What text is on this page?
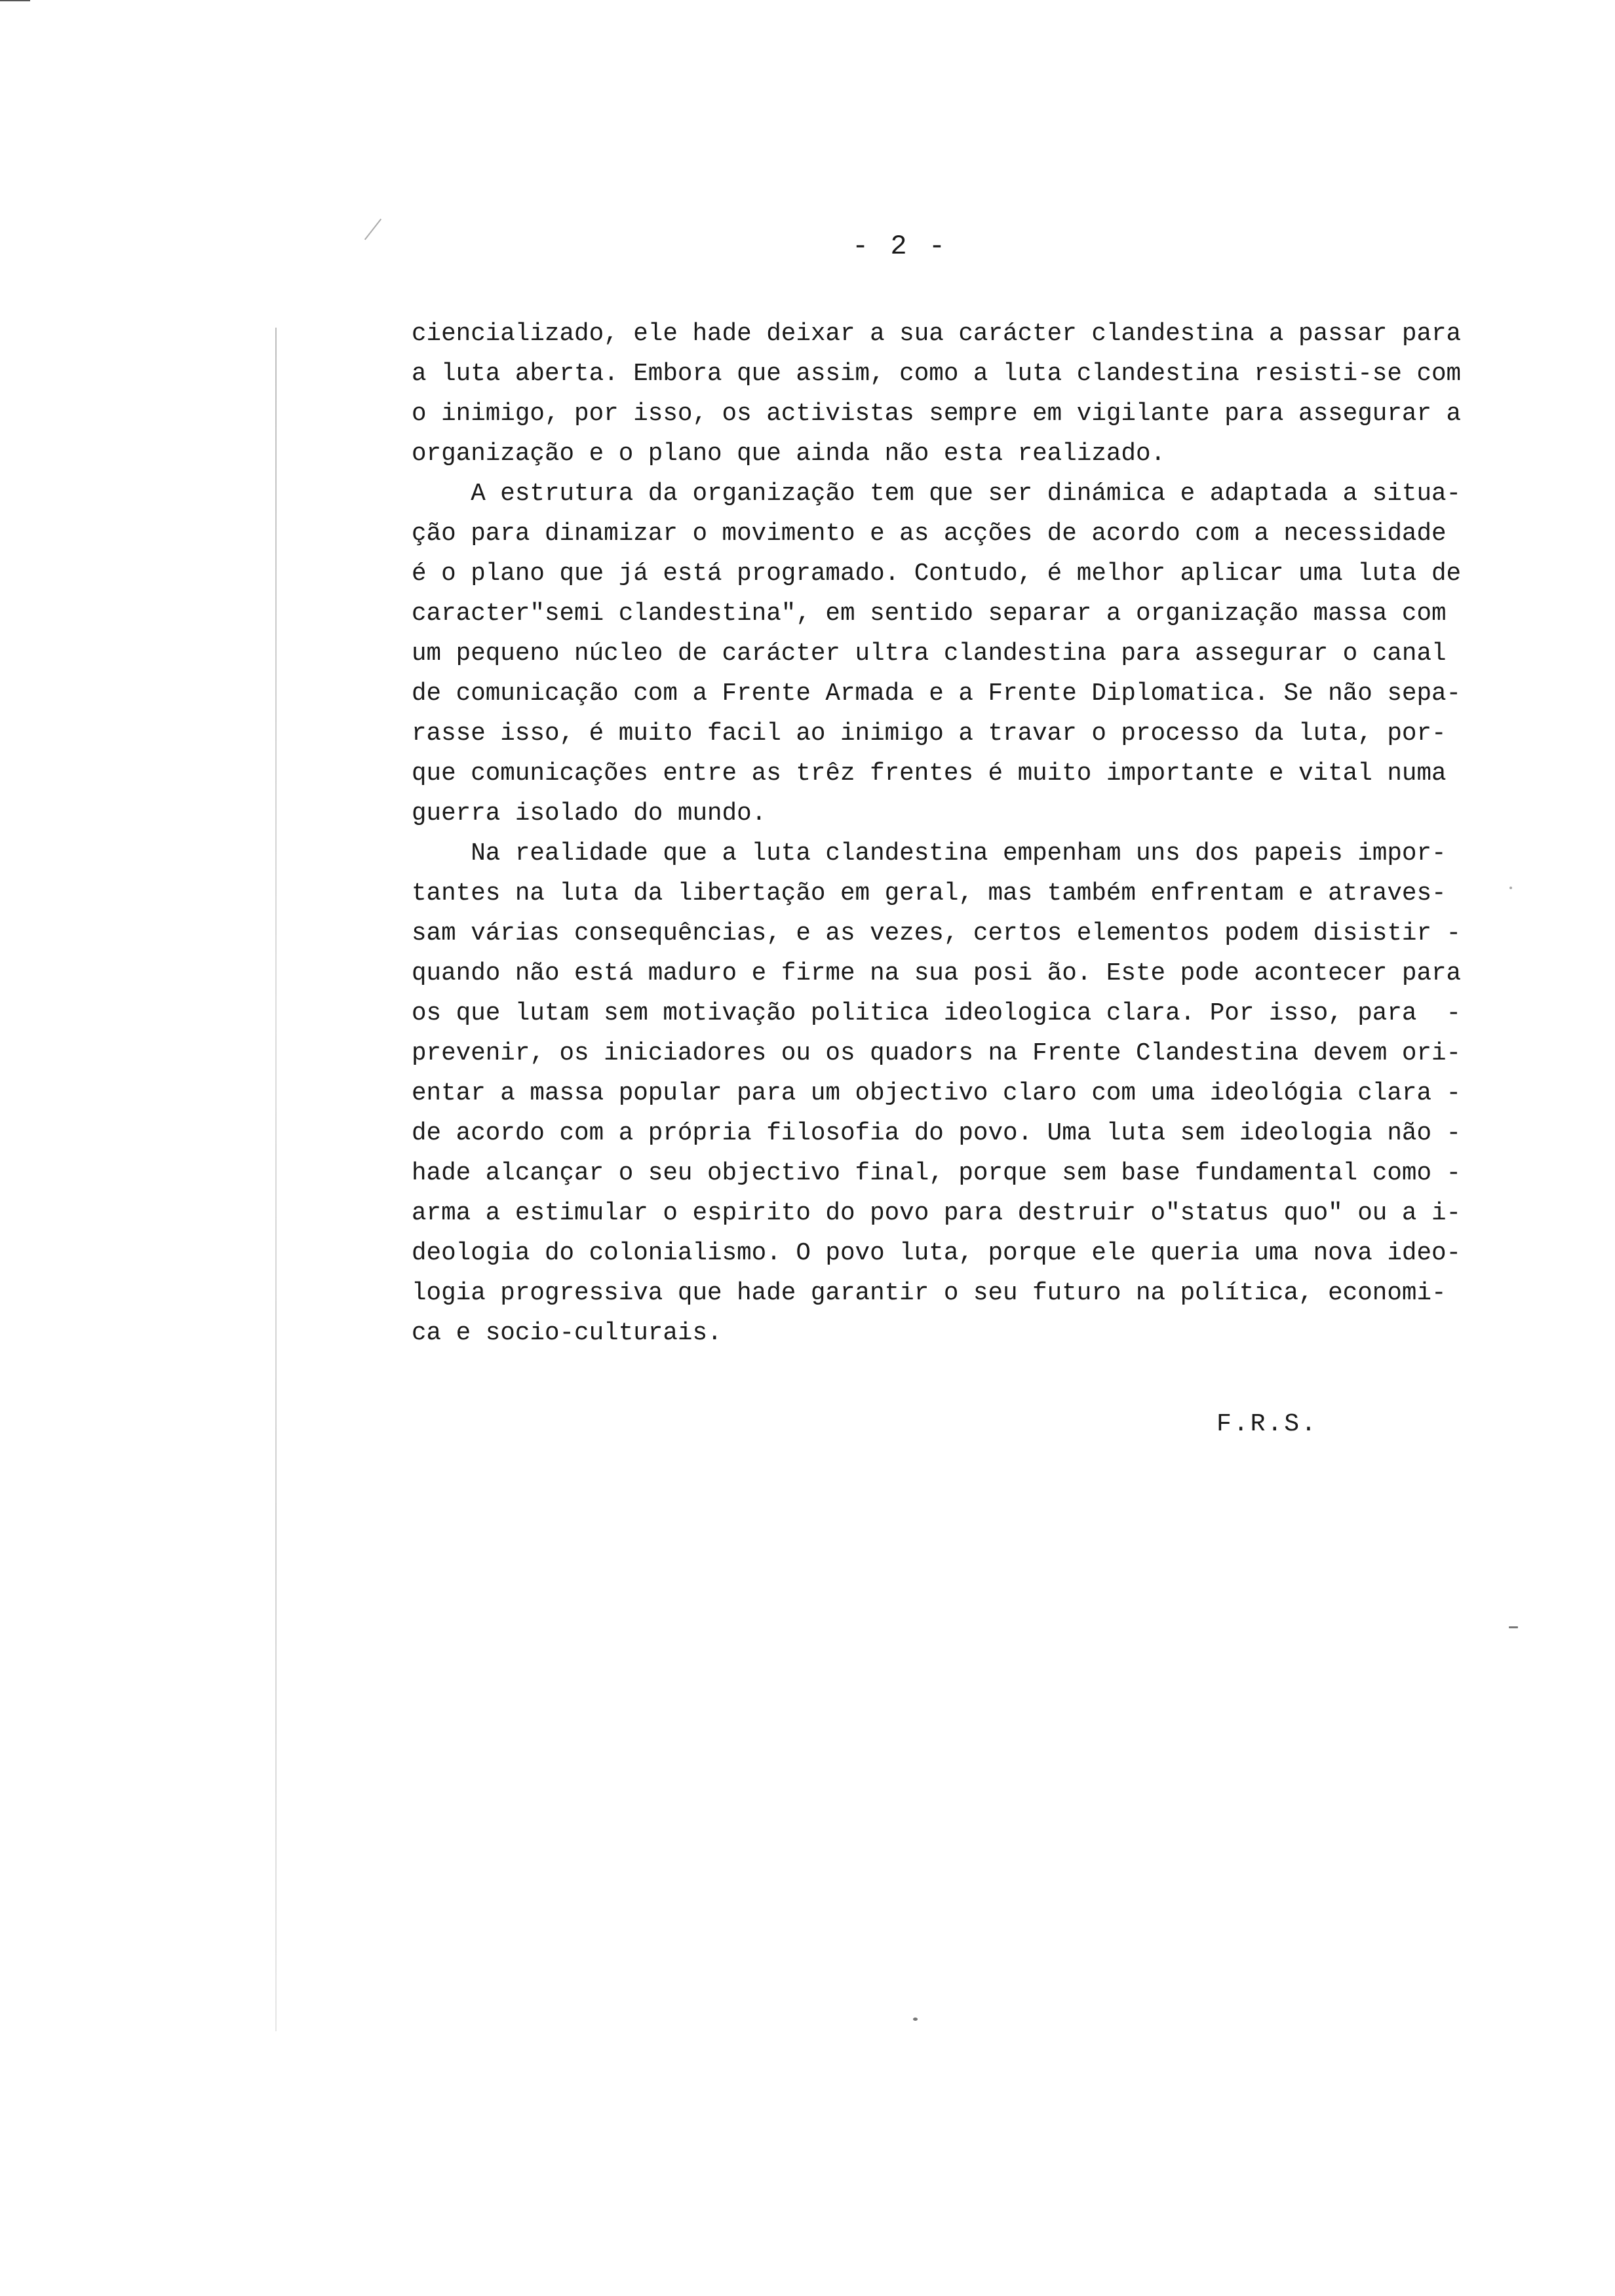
- 2 -

ciencializado, ele hade deixar a sua carácter clandestina a passar para
a luta aberta. Embora que assim, como a luta clandestina resisti-se com
o inimigo, por isso, os activistas sempre em vigilante para assegurar a
organização e o plano que ainda não esta realizado.

A estrutura da organização tem que ser dinámica e adaptada a situa-
ção para dinamizar o movimento e as acções de acordo com a necessidade
é o plano que já está programado. Contudo, é melhor aplicar uma luta de
caracter"semi clandestina", em sentido separar a organização massa com
um pequeno núcleo de carácter ultra clandestina para assegurar o canal
de comunicação com a Frente Armada e a Frente Diplomatica. Se não sepa-
rasse isso, é muito facil ao inimigo a travar o processo da luta, por-
que comunicações entre as trêz frentes é muito importante e vital numa
guerra isolado do mundo.

Na realidade que a luta clandestina empenham uns dos papeis impor-
tantes na luta da libertação em geral, mas também enfrentam e atraves-
sam várias consequências, e as vezes, certos elementos podem disistir -
quando não está maduro e firme na sua posi ão. Este pode acontecer para
os que lutam sem motivação politica ideologica clara. Por isso, para  -
prevenir, os iniciadores ou os quadors na Frente Clandestina devem ori-
entar a massa popular para um objectivo claro com uma ideológia clara -
de acordo com a própria filosofia do povo. Uma luta sem ideologia não -
hade alcançar o seu objectivo final, porque sem base fundamental como -
arma a estimular o espirito do povo para destruir o"status quo" ou a i-
deologia do colonialismo. O povo luta, porque ele queria uma nova ideo-
logia progressiva que hade garantir o seu futuro na política, economi-
ca e socio-culturais.

F.R.S.
